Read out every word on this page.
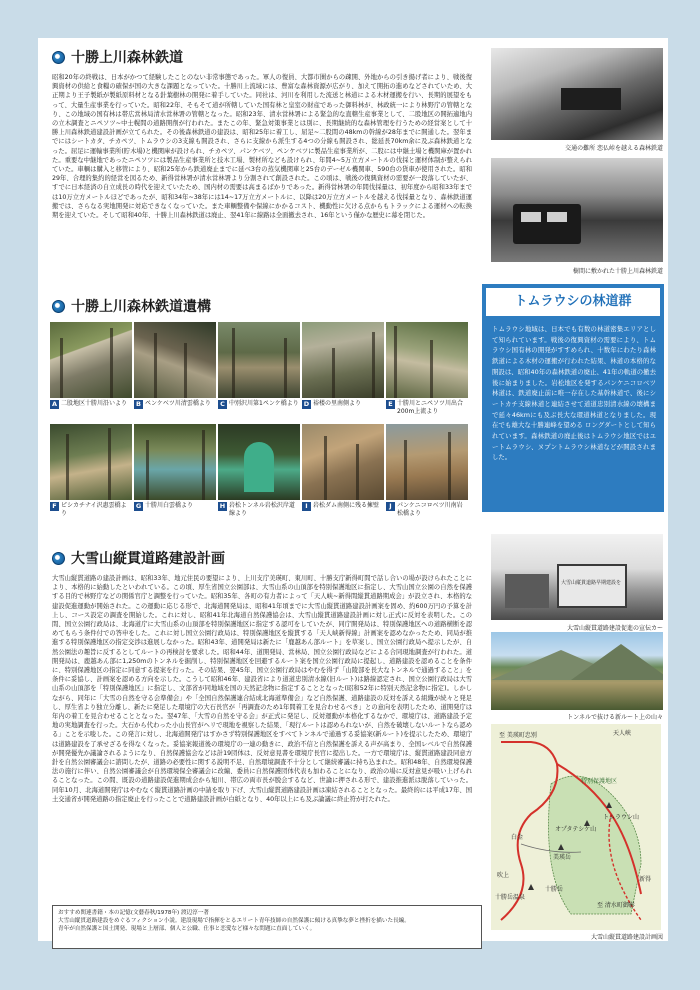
十勝上川森林鉄道
昭和20年の終戦は、日本がかつて経験したことのない非常事態であった。軍人の復員、大都市圏からの疎開、外地からの引き揚げ者により、戦後復興資材の供給と食糧の確保が国の大きな課題となっていた。十勝川上流域には、豊富な森林資源が広がり、加えて開拓の進めなどされていため、大正期より王子製紙が製紙原料材となる針葉樹林の開発に着手していた。同社は、河川を利用した流送と林道による木材運搬を行い、長期的展望をもって、大量生産事業を行っていた。昭和22年、そもそて道が所轄していた国有林と皇室の財産であった御料林が、林政統一により林野庁の管轄となり、この地域の国有林は帯広営林局清水営林署の管轄となった。昭和23年、清水営林署による緊急的な直轄生産事業として、二股地区の開拓適地内の立木調査とニペソツ~中士幌間の道路開削が行われた。またこの年、緊急対策事業とは別に、長期継続的な森林管理を行うための経営案として十勝上川森林鉄道建設計画が立てられた。その後森林鉄道の建設は、昭和25年に着工し、屈足~二股間の48kmの幹線が28年までに開通した。翌年までにはシートカタ、チカペツ、トムラウシの3支線も開設され、さらに支線から派生する4つの分線も開設され、総延長70km余に及ぶ森林鉄道となった。屈足に運輸事業所(貯木場)と機関庫が設けられ、チカペツ、パンケベツ、ペンケベツに製品生産事業所が、二股には中継土場と機関庫が置かれた。重要な中継地であったニペソツには製品生産事業所と技木工場、製材所なども設けられ、年間4~5万立方メートルの伐採と運材体制が整えられていた。車輌は購入と移管により、昭和25年から鉄道廃止までに延べ3台の蒸気機関車と25台のデーゼル機関車、590台の貨車が使用された。昭和29年、合理的集約的経営を図るため、新得営林署が清水営林署より分割されて創設された。この頃は、戦後の復興資材の需要が一段落していたが、すでに日本経済の自立成長の時代を迎えていたため、国内材の需要は高まるばかりであった。新得営林署の年間伐採量は、初年度から昭和33年までは10万立方メートルほどであったが、昭和34年~38年には14~17万立方メートルに、以降は20万立方メートルを越える伐採量となり、森林鉄道運搬では、さらなる実地開発に対応できなくなっていた。また車輌整備や保線にかかるコスト、機動性に欠ける点からもトラックによる運材への転換期を迎えていた。そして昭和40年、十勝上川森林鉄道は廃止、翌41年に線路は全面撤去され、16年という僅かな歴史に幕を閉じた。
十勝上川森林鉄道遺構
A 二股地区十勝川沿いより	B ペンケベツ川清雲橋より	C 中別沢川第1ペンケ橋より D 裕楼の里南側より	E 十勝川とニペソツ川出合200m上流より
F ピシカチナイ沢惠雲橋より
G 十勝川白雲橋より	H 岩松トンネル岩松沢岸道線より
I 岩松ダム南側に残る擁壁	J パンケニコロベツ川南岩松橋より
大雪山縦貫道路建設計画
大雪山縦貫道路の建設計画は、昭和33年、地元住民の要望により、上川支庁美瑛町、東川町、十勝支庁新得町間で話し合いの場が設けられたことにより、本格的に始動したといわれている。この頃、厚生省国立公園部は、大雪山系の山頂部を特別保護地区に指定し、大雪山国立公園の自然を保護する目的で林野庁などの関係官庁と調整を行っていた。昭和35年、各町の有力者によって「天人峡~新得間縦貫道路期成会」が設立され、本格的な建設促進運動が開始された。この運動に応じる形で、北海道開発局は、昭和41年頃までに大雪山縦貫道路建設計画案を固め、約600万円の予算を計上し、コース設定の調査を開始した。これに対し、昭和41年北海道自然保護協会は、大雪山縦貫道路建設計画に対し正式に反対を表明した。この間、国立公園行政局は、北海道庁に大雪山系の山頂部を特別保護地区に指定する認可をしていたが、同庁開発局は、特別保護地区への道路横断を認めてもらう条件付での答申をした。これに対し国立公園行政局は、特別保護地区を縦貫する「天人峡新得線」計画案を認めなかったため、同局が推進する特別保護地区の指定交渉は進展しなかった。昭和43年、道開発局は新たに「鹿越あん部ルート」を草案し、国立公園行政局へ提示したが、自然公園法の趣旨に反するとしてルートの再検討を要求した。昭和44年、道開発局、営林局、国立公園行政局などによる合同現地調査が行われた。道開発局は、鹿越あん部に1,250mのトンネルを掘削し、特別保護地区を回避するルート案を国立公園行政局に提起し、道路建設を認めることを条件に、特別保護地区の指定に同意する提案を行った。その結果、翌45年、国立公園行政局はやむを得ず「山陵部を長大なトンネルで通過すること」を条件に妥協し、計画案を認める方向を示した。こうして昭和46年、建設省により道道忠別清水線(旧ルート)は路線認定され、国立公園行政局は大雪山系の山頂部を「特別保護地区」に指定し、文部省が同地域を国の天然記念物に指定することとなった(昭和52年に特別天然記念物に指定)。しかしながら、同年に「大雪の自然を守る会準備会」や「全国自然保護連合結成北海道準備会」など自然保護、道路建設の反対を訴える組織が続々と発足し、厚生省より独立分離し、新たに発足した環境庁の大石長官が「再調査のため1年間着工を見合わせるべき」との意向を表明したため、道開発庁は年内の着工を見合わせることとなった。翌47年、「大雪の自然を守る会」が正式に発足し、反対運動が本格化するなかで、環境庁は、道路建設予定地の実地調査を行った。大石から代わった小山長官がヘリで現地を視察した結果、「現行ルートは認められないが、自然を破壊しないルートなら認める」ことを示唆した。この発言に対し、北海道開発庁はすかさず特別保護地区をすべてトンネルで通過する妥協案(新ルート)を提示したため、環境庁は道路建設を了承せざるを得なくなった。妥協案報道後の環境庁の一連の動きに、政治不信と自然保護を訴える声が高まり、全国レベルで自然保護が開発優先か議論されるようになり、自然保護協会などは計19団体は、反対意見書を環境庁長官に提出した。一方で環境庁は、縦貫道路建設同意方針を自然公園審議会に諮問したが、道路の必要性に関する説明不足、自然環境調査不十分として継続審議に持ち込まれた。昭和48年、自然環境保護法の施行に伴い、自然公園審議会が自然環境保全審議会に改編、委員に自然保護団体代表も加わることになり、政治の場に反対意見が吸い上げられることなった。この間、既設の道路建設促進期成会から旭川、帯広の両市長が脱会するなど、世論に押される形で、建設推進派は脱落していった。同年10月、北海道開発庁はやむなく縦貫道路計画の中請を取り下げ、大雪山縦貫道路建設計画は凍結されることとなった。最終的には平成17年、国土交通省が開発道路の指定廃止を行ったことで道路建設計画が白紙となり、40年以上にも及ぶ論議に終止符が打たれた。
おすすめ関連書籍・本の記憶(文藝春秋/1978年) 渡辺淳一著
大雪山縦貫道路建設をめぐるフィクション小説。建設現場で指揮をとるエリート青年技師の自然保護に傾ける真摯な夢と挫折を描いた長編。
青年が自然保護と国土開発、現場と上層部、個人と公職、仕事と恋愛など様々な問題に直面していく。
交通の難所 恋仏峠を越える森林鉄道
樹間に敷かれた十勝上川森林鉄道
トムラウシの林道群
トムラウシ地域は、日本でも有数の林道密集エリアとして知られています。戦後の復興資材の需要により、トムラウシ国有林の開発がすすめられ、十数年にわたり森林鉄道による木材の運搬が行われた結果、林道の本格的な開設は、昭和40年の森林鉄道の廃止、41年の軌道の撤去後に始まりました。岩松地区を発するパンケニコロベツ林道は、鉄道廃止前に唯一存在した基幹林道で、後にシートカチ支線林道と連結させて道道忠別清水線の壊構まで延々46kmにも及ぶ長大な環道林道となりました。現在でも雄大な十勝連峰を望める ロングダートとして知られています。森林鉄道の廃止後はトムラウシ地区ではユートムラウシ、ヌプントムラウシ林道などが開設されました。
大雪山縦貫道路早期建設を
大雪山縦貫道路建設促進の宣伝カー
トンネルで抜ける新ルート上の山々
至 美瑛町忠別	天人峡
特別保護地区
トムラウシ山
白金
オプタテシケ山
美瑛岳
十勝岳
吹上
十勝岳温泉
至 清水町御影
新得
大雪山縦貫道路建設計画図
